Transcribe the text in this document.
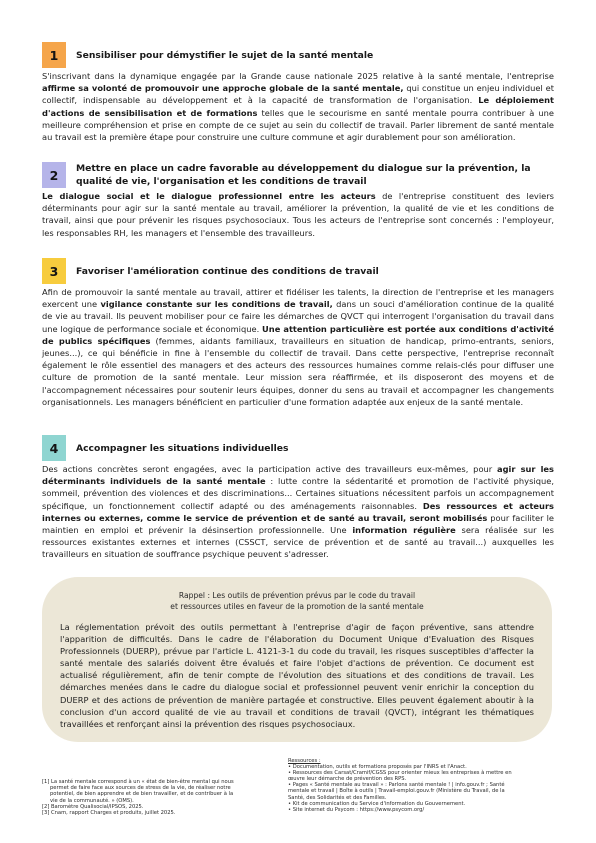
1	Sensibiliser pour démystifier le sujet de la santé mentale

S'inscrivant dans la dynamique engagée par la Grande cause nationale 2025 relative à la santé mentale, l'entreprise affirme sa volonté de promouvoir une approche globale de la santé mentale, qui constitue un enjeu individuel et collectif, indispensable au développement et à la capacité de transformation de l'organisation. Le déploiement d'actions de sensibilisation et de formations telles que le secourisme en santé mentale pourra contribuer à une meilleure compréhension et prise en compte de ce sujet au sein du collectif de travail. Parler librement de santé mentale au travail est la première étape pour construire une culture commune et agir durablement pour son amélioration.

2	Mettre en place un cadre favorable au développement du dialogue sur la prévention, la qualité de vie, l'organisation et les conditions de travail

Le dialogue social et le dialogue professionnel entre les acteurs de l'entreprise constituent des leviers déterminants pour agir sur la santé mentale au travail, améliorer la prévention, la qualité de vie et les conditions de travail, ainsi que pour prévenir les risques psychosociaux. Tous les acteurs de l'entreprise sont concernés : l'employeur, les responsables RH, les managers et l'ensemble des travailleurs.

3	Favoriser l'amélioration continue des conditions de travail

Afin de promouvoir la santé mentale au travail, attirer et fidéliser les talents, la direction de l'entreprise et les managers exercent une vigilance constante sur les conditions de travail, dans un souci d'amélioration continue de la qualité de vie au travail. Ils peuvent mobiliser pour ce faire les démarches de QVCT qui interrogent l'organisation du travail dans une logique de performance sociale et économique. Une attention particulière est portée aux conditions d'activité de publics spécifiques (femmes, aidants familiaux, travailleurs en situation de handicap, primo-entrants, seniors, jeunes...), ce qui bénéficie in fine à l'ensemble du collectif de travail. Dans cette perspective, l'entreprise reconnaît également le rôle essentiel des managers et des acteurs des ressources humaines comme relais-clés pour diffuser une culture de promotion de la santé mentale. Leur mission sera réaffirmée, et ils disposeront des moyens et de l'accompagnement nécessaires pour soutenir leurs équipes, donner du sens au travail et accompagner les changements organisationnels. Les managers bénéficient en particulier d'une formation adaptée aux enjeux de la santé mentale.

4	Accompagner les situations individuelles

Des actions concrètes seront engagées, avec la participation active des travailleurs eux-mêmes, pour agir sur les déterminants individuels de la santé mentale : lutte contre la sédentarité et promotion de l'activité physique, sommeil, prévention des violences et des discriminations... Certaines situations nécessitent parfois un accompagnement spécifique, un fonctionnement collectif adapté ou des aménagements raisonnables. Des ressources et acteurs internes ou externes, comme le service de prévention et de santé au travail, seront mobilisés pour faciliter le maintien en emploi et prévenir la désinsertion professionnelle. Une information régulière sera réalisée sur les ressources existantes externes et internes (CSSCT, service de prévention et de santé au travail...) auxquelles les travailleurs en situation de souffrance psychique peuvent s'adresser.

Rappel : Les outils de prévention prévus par le code du travail
et ressources utiles en faveur de la promotion de la santé mentale

La réglementation prévoit des outils permettant à l'entreprise d'agir de façon préventive, sans attendre l'apparition de difficultés. Dans le cadre de l'élaboration du Document Unique d'Evaluation des Risques Professionnels (DUERP), prévue par l'article L. 4121-3-1 du code du travail, les risques susceptibles d'affecter la santé mentale des salariés doivent être évalués et faire l'objet d'actions de prévention. Ce document est actualisé régulièrement, afin de tenir compte de l'évolution des situations et des conditions de travail. Les démarches menées dans le cadre du dialogue social et professionnel peuvent venir enrichir la conception du DUERP et des actions de prévention de manière partagée et constructive. Elles peuvent également aboutir à la conclusion d'un accord qualité de vie au travail et conditions de travail (QVCT), intégrant les thématiques travaillées et renforçant ainsi la prévention des risques psychosociaux.

[1] La santé mentale correspond à un « état de bien-être mental qui nous permet de faire face aux sources de stress de la vie, de réaliser notre potentiel, de bien apprendre et de bien travailler, et de contribuer à la vie de la communauté. » (OMS).
[2] Baromètre Qualisocial/IPSOS, 2025.
[3] Cnam, rapport Charges et produits, juillet 2025.
Ressources :
• Documentation, outils et formations proposés par l'INRS et l'Anact.
• Ressources des Carsat/Cramif/CGSS pour orienter mieux les entreprises à mettre en œuvre leur démarche de prévention des RPS.
• Pages « Santé mentale au travail » : Parlons santé mentale ! | info.gouv.fr ; Santé mentale et travail | Boîte à outils | Travail-emploi.gouv.fr (Ministère du Travail, de la Santé, des Solidarités et des Familles.
• Kit de communication du Service d'information du Gouvernement.
• Site internet du Psycom : https://www.psycom.org/
